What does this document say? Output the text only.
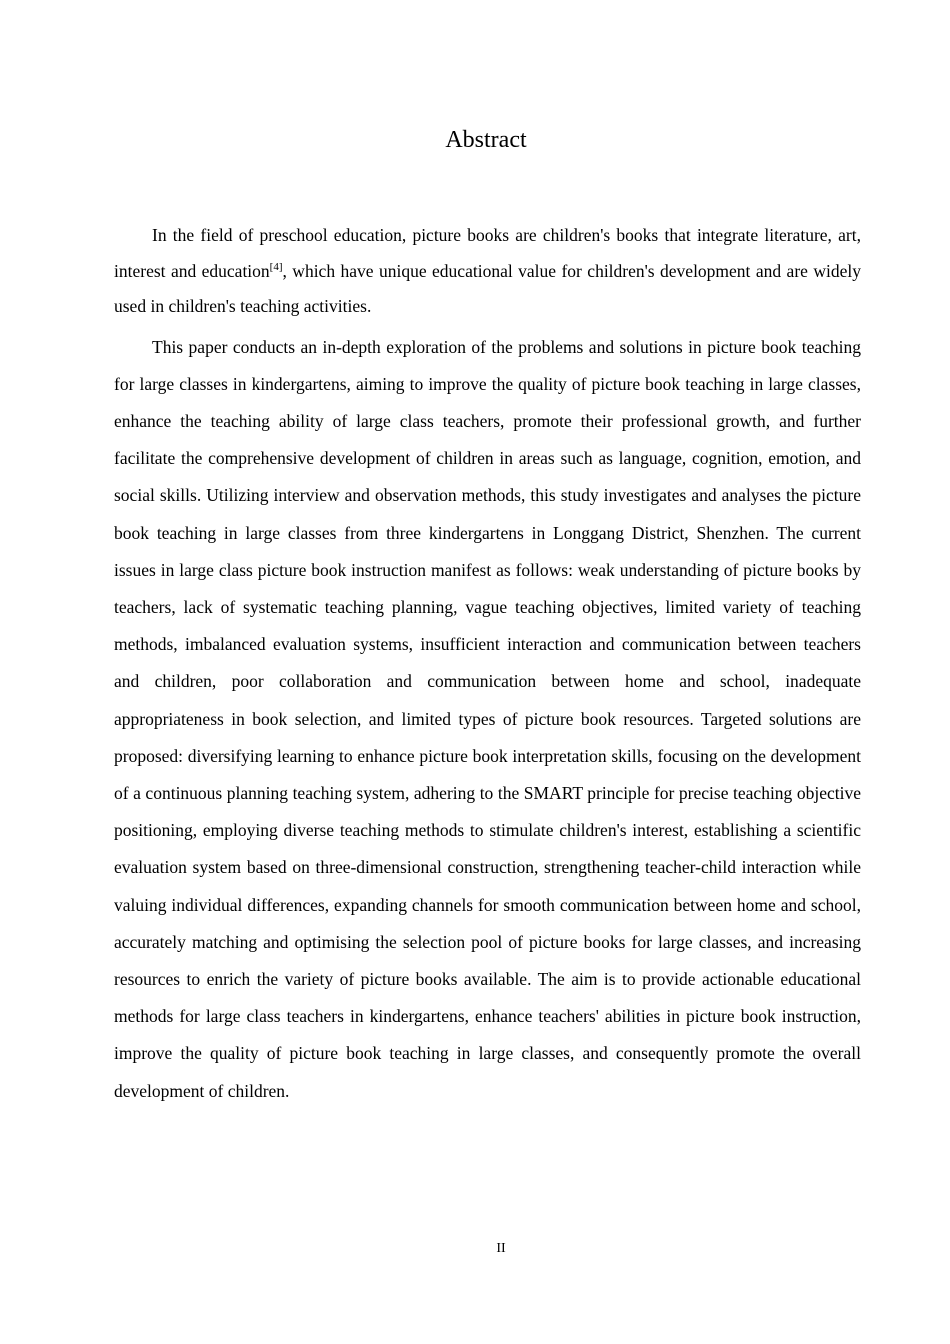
Abstract

In the field of preschool education, picture books are children's books that integrate literature, art, interest and education[4], which have unique educational value for children's development and are widely used in children's teaching activities.

This paper conducts an in-depth exploration of the problems and solutions in picture book teaching for large classes in kindergartens, aiming to improve the quality of picture book teaching in large classes, enhance the teaching ability of large class teachers, promote their professional growth, and further facilitate the comprehensive development of children in areas such as language, cognition, emotion, and social skills. Utilizing interview and observation methods, this study investigates and analyses the picture book teaching in large classes from three kindergartens in Longgang District, Shenzhen. The current issues in large class picture book instruction manifest as follows: weak understanding of picture books by teachers, lack of systematic teaching planning, vague teaching objectives, limited variety of teaching methods, imbalanced evaluation systems, insufficient interaction and communication between teachers and children, poor collaboration and communication between home and school, inadequate appropriateness in book selection, and limited types of picture book resources. Targeted solutions are proposed: diversifying learning to enhance picture book interpretation skills, focusing on the development of a continuous planning teaching system, adhering to the SMART principle for precise teaching objective positioning, employing diverse teaching methods to stimulate children's interest, establishing a scientific evaluation system based on three-dimensional construction, strengthening teacher-child interaction while valuing individual differences, expanding channels for smooth communication between home and school, accurately matching and optimising the selection pool of picture books for large classes, and increasing resources to enrich the variety of picture books available. The aim is to provide actionable educational methods for large class teachers in kindergartens, enhance teachers' abilities in picture book instruction, improve the quality of picture book teaching in large classes, and consequently promote the overall development of children.

II
